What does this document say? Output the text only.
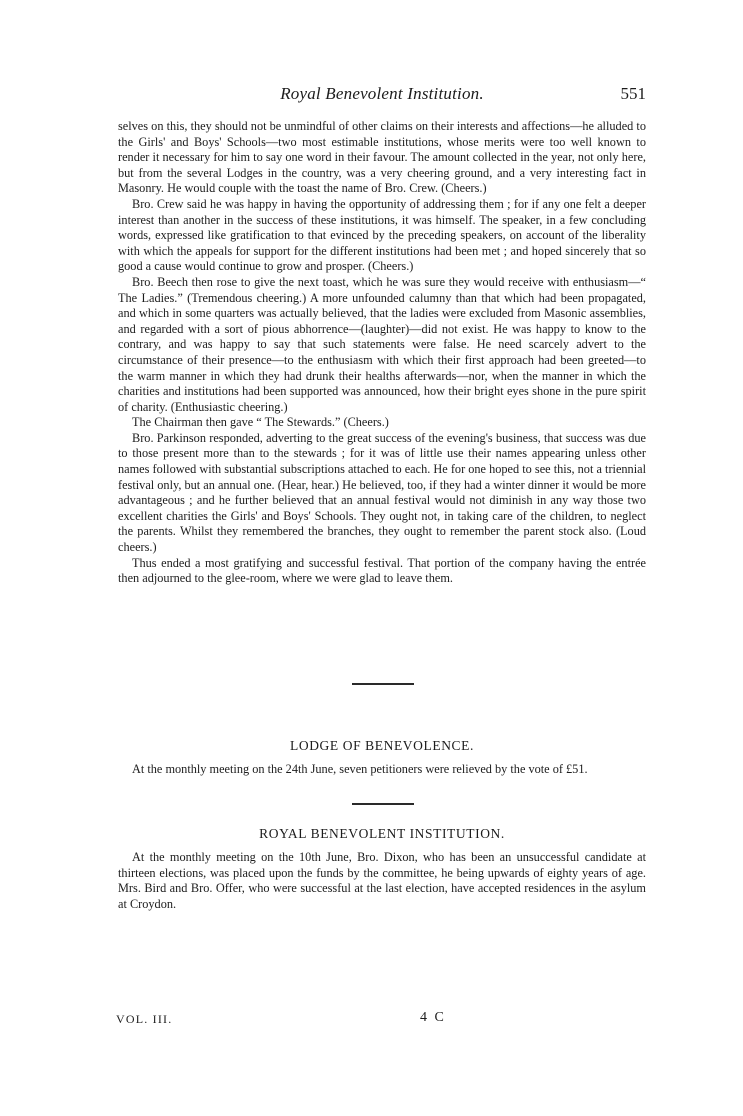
Royal Benevolent Institution.	551

selves on this, they should not be unmindful of other claims on their interests and affections—he alluded to the Girls' and Boys' Schools—two most estimable institutions, whose merits were too well known to render it necessary for him to say one word in their favour. The amount collected in the year, not only here, but from the several Lodges in the country, was a very cheering ground, and a very interesting fact in Masonry. He would couple with the toast the name of Bro. Crew. (Cheers.)

Bro. Crew said he was happy in having the opportunity of addressing them ; for if any one felt a deeper interest than another in the success of these institutions, it was himself. The speaker, in a few concluding words, expressed like gratification to that evinced by the preceding speakers, on account of the liberality with which the appeals for support for the different institutions had been met ; and hoped sincerely that so good a cause would continue to grow and prosper. (Cheers.)

Bro. Beech then rose to give the next toast, which he was sure they would receive with enthusiasm—“ The Ladies.” (Tremendous cheering.) A more unfounded calumny than that which had been propagated, and which in some quarters was actually believed, that the ladies were excluded from Masonic assemblies, and regarded with a sort of pious abhorrence—(laughter)—did not exist. He was happy to know to the contrary, and was happy to say that such statements were false. He need scarcely advert to the circumstance of their presence—to the enthusiasm with which their first approach had been greeted—to the warm manner in which they had drunk their healths afterwards—nor, when the manner in which the charities and institutions had been supported was announced, how their bright eyes shone in the pure spirit of charity. (Enthusiastic cheering.)

The Chairman then gave “ The Stewards.” (Cheers.)

Bro. Parkinson responded, adverting to the great success of the evening's business, that success was due to those present more than to the stewards ; for it was of little use their names appearing unless other names followed with substantial subscriptions attached to each. He for one hoped to see this, not a triennial festival only, but an annual one. (Hear, hear.) He believed, too, if they had a winter dinner it would be more advantageous ; and he further believed that an annual festival would not diminish in any way those two excellent charities the Girls' and Boys' Schools. They ought not, in taking care of the children, to neglect the parents. Whilst they remembered the branches, they ought to remember the parent stock also. (Loud cheers.)

Thus ended a most gratifying and successful festival. That portion of the company having the entrée then adjourned to the glee-room, where we were glad to leave them.

LODGE OF BENEVOLENCE.

At the monthly meeting on the 24th June, seven petitioners were relieved by the vote of £51.

ROYAL BENEVOLENT INSTITUTION.

At the monthly meeting on the 10th June, Bro. Dixon, who has been an unsuccessful candidate at thirteen elections, was placed upon the funds by the committee, he being upwards of eighty years of age. Mrs. Bird and Bro. Offer, who were successful at the last election, have accepted residences in the asylum at Croydon.

VOL. III.	4 C
